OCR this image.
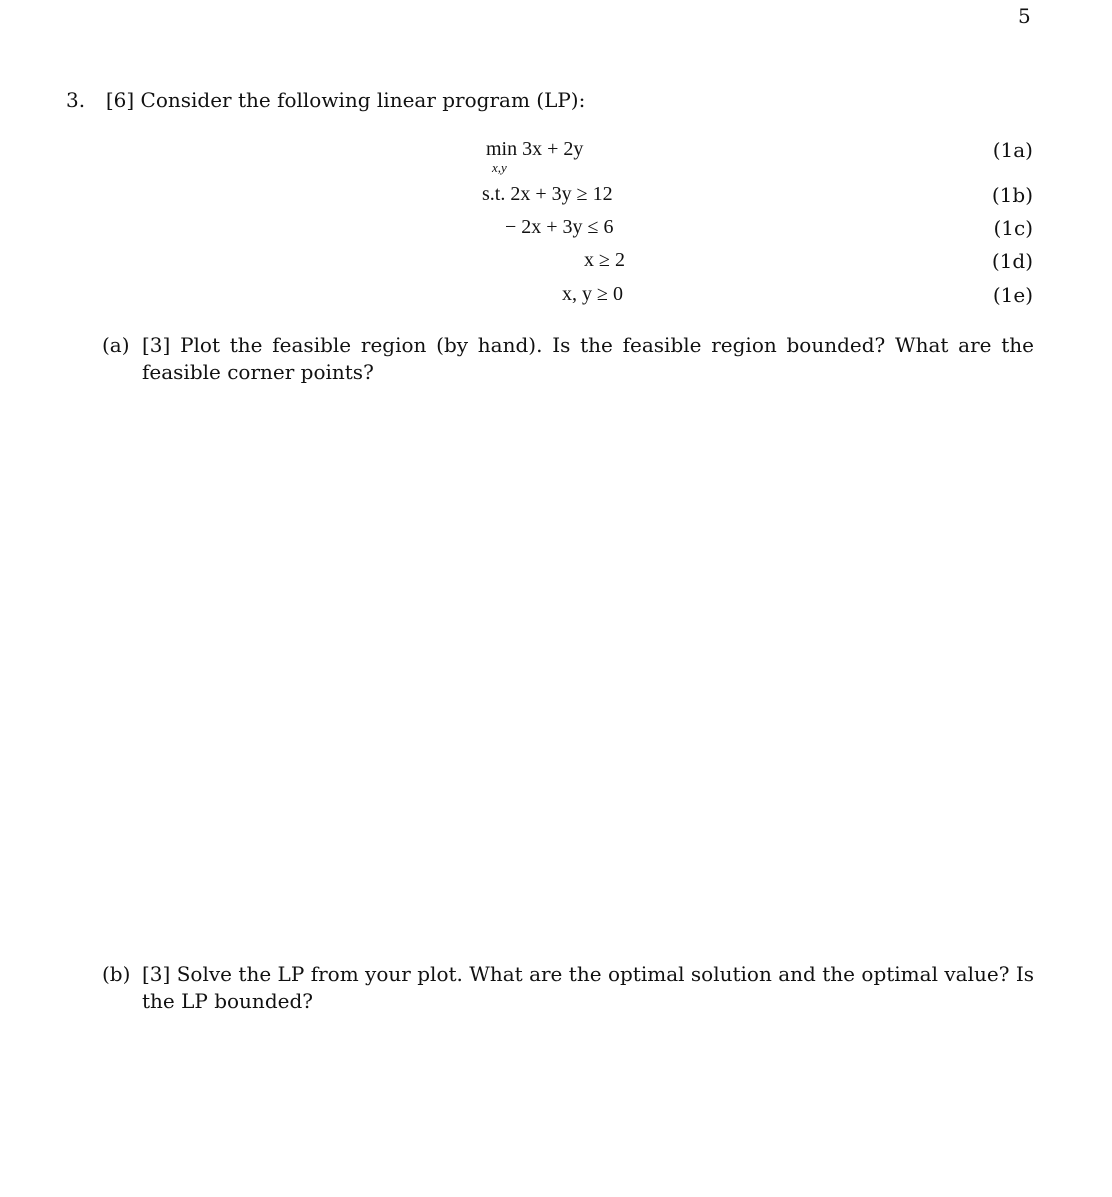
5
3. [6] Consider the following linear program (LP):
min 3x + 2y
x,y
(1a)
s.t. 2x + 3y ≥ 12	(1b)
− 2x + 3y ≤ 6	(1c)
x ≥ 2	(1d)
x, y ≥ 0	(1e)
(a) [3] Plot the feasible region (by hand). Is the feasible region bounded? What are the feasible corner points?
(b) [3] Solve the LP from your plot. What are the optimal solution and the optimal value? Is the LP bounded?
